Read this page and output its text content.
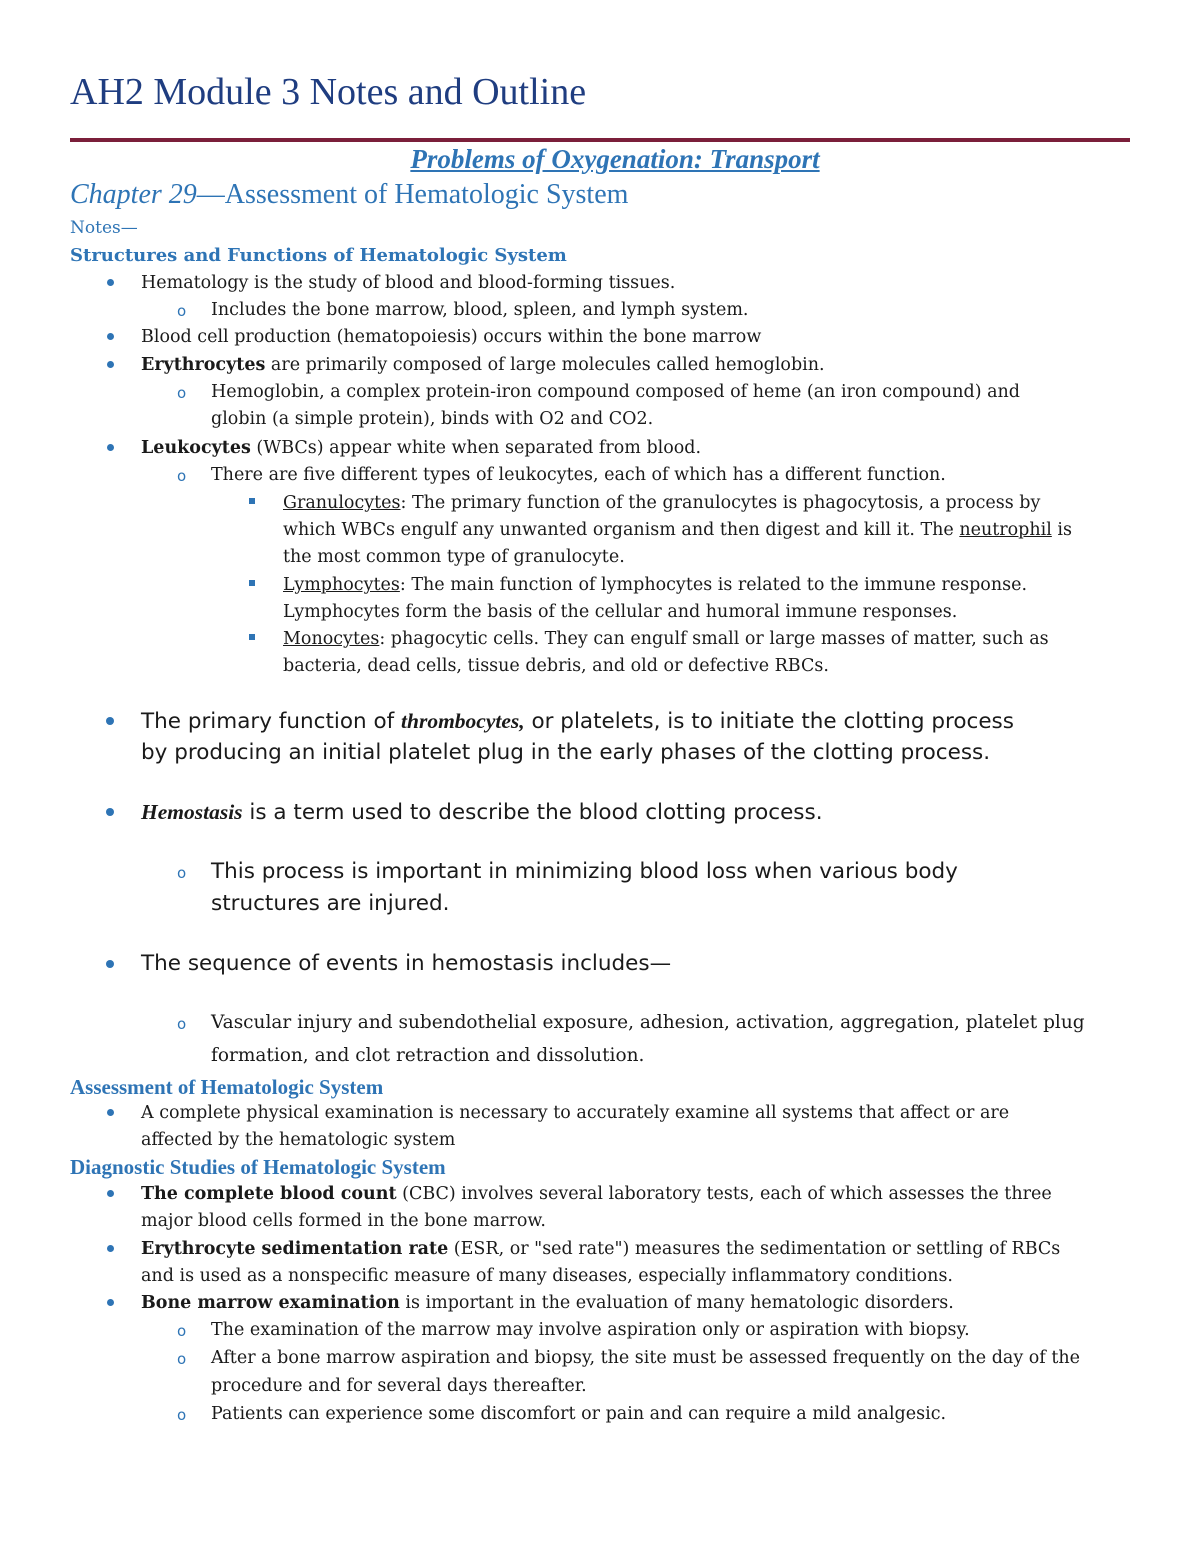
AH2 Module 3 Notes and Outline
Problems of Oxygenation: Transport
Chapter 29—Assessment of Hematologic System
Notes—
Structures and Functions of Hematologic System
Hematology is the study of blood and blood-forming tissues.
o Includes the bone marrow, blood, spleen, and lymph system.
Blood cell production (hematopoiesis) occurs within the bone marrow
Erythrocytes are primarily composed of large molecules called hemoglobin.
o Hemoglobin, a complex protein-iron compound composed of heme (an iron compound) and
globin (a simple protein), binds with O2 and CO2.
Leukocytes (WBCs) appear white when separated from blood.
o There are five different types of leukocytes, each of which has a different function.
Granulocytes: The primary function of the granulocytes is phagocytosis, a process by
which WBCs engulf any unwanted organism and then digest and kill it. The neutrophil is
the most common type of granulocyte.
Lymphocytes: The main function of lymphocytes is related to the immune response.
Lymphocytes form the basis of the cellular and humoral immune responses.
Monocytes: phagocytic cells. They can engulf small or large masses of matter, such as
bacteria, dead cells, tissue debris, and old or defective RBCs.
The primary function of thrombocytes, or platelets, is to initiate the clotting process
by producing an initial platelet plug in the early phases of the clotting process.
Hemostasis is a term used to describe the blood clotting process.
o This process is important in minimizing blood loss when various body
structures are injured.
The sequence of events in hemostasis includes—
o Vascular injury and subendothelial exposure, adhesion, activation, aggregation, platelet plug
formation, and clot retraction and dissolution.
Assessment of Hematologic System
A complete physical examination is necessary to accurately examine all systems that affect or are
affected by the hematologic system
Diagnostic Studies of Hematologic System
The complete blood count (CBC) involves several laboratory tests, each of which assesses the three
major blood cells formed in the bone marrow.
Erythrocyte sedimentation rate (ESR, or "sed rate") measures the sedimentation or settling of RBCs
and is used as a nonspecific measure of many diseases, especially inflammatory conditions.
Bone marrow examination is important in the evaluation of many hematologic disorders.
o The examination of the marrow may involve aspiration only or aspiration with biopsy.
o After a bone marrow aspiration and biopsy, the site must be assessed frequently on the day of the
procedure and for several days thereafter.
o Patients can experience some discomfort or pain and can require a mild analgesic.
